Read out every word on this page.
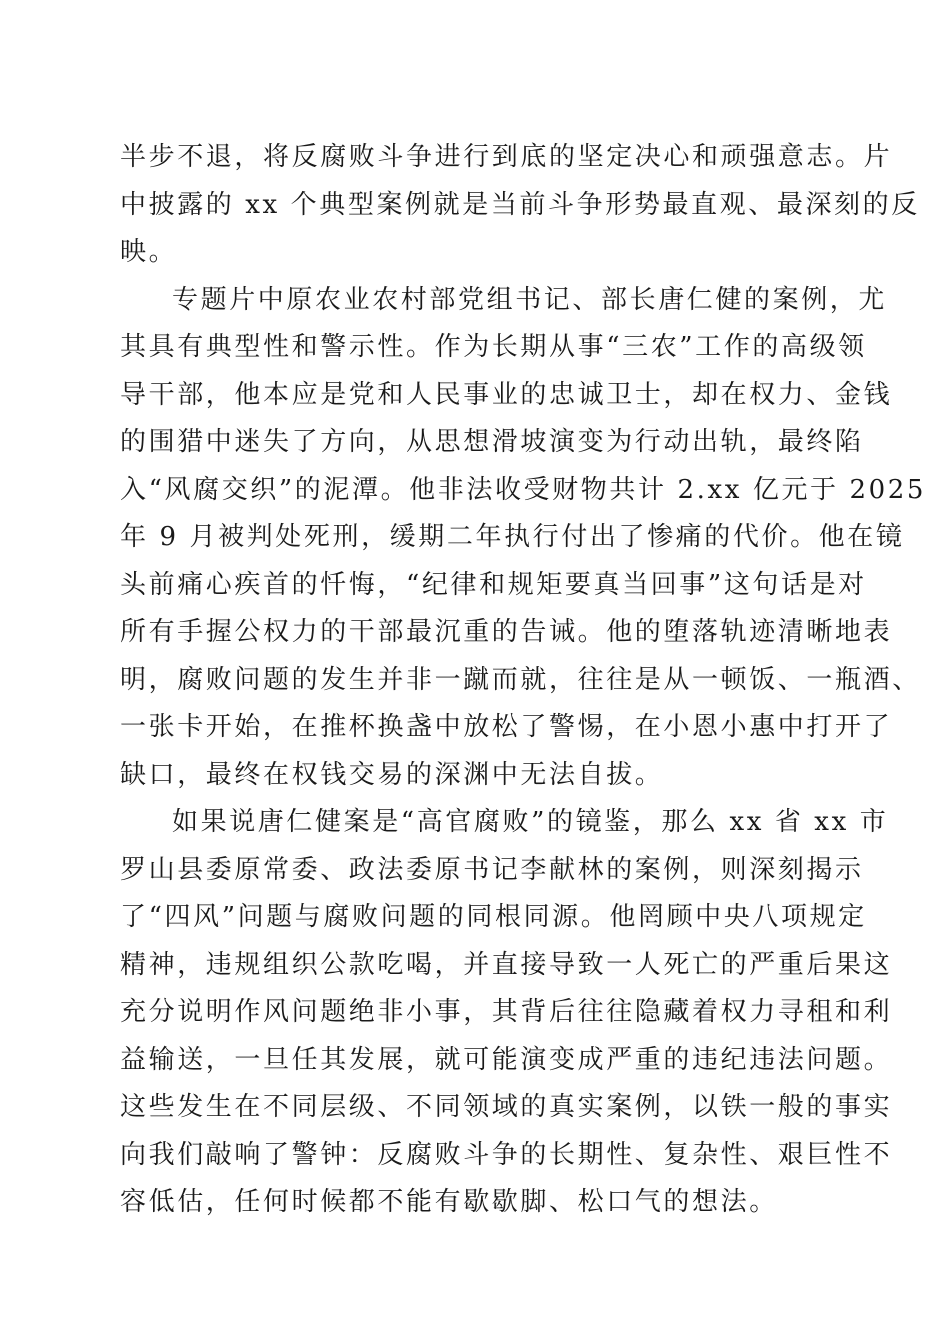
半步不退，将反腐败斗争进行到底的坚定决心和顽强意志。片
中披露的 xx 个典型案例就是当前斗争形势最直观、最深刻的反
映。
专题片中原农业农村部党组书记、部长唐仁健的案例，尤
其具有典型性和警示性。作为长期从事“三农”工作的高级领
导干部，他本应是党和人民事业的忠诚卫士，却在权力、金钱
的围猎中迷失了方向，从思想滑坡演变为行动出轨，最终陷
入“风腐交织”的泥潭。他非法收受财物共计 2.xx 亿元于 2025
年 9 月被判处死刑，缓期二年执行付出了惨痛的代价。他在镜
头前痛心疾首的忏悔，“纪律和规矩要真当回事”这句话是对
所有手握公权力的干部最沉重的告诫。他的堕落轨迹清晰地表
明，腐败问题的发生并非一蹴而就，往往是从一顿饭、一瓶酒、
一张卡开始，在推杯换盏中放松了警惕，在小恩小惠中打开了
缺口，最终在权钱交易的深渊中无法自拔。
如果说唐仁健案是“高官腐败”的镜鉴，那么 xx 省 xx 市
罗山县委原常委、政法委原书记李献林的案例，则深刻揭示
了“四风”问题与腐败问题的同根同源。他罔顾中央八项规定
精神，违规组织公款吃喝，并直接导致一人死亡的严重后果这
充分说明作风问题绝非小事，其背后往往隐藏着权力寻租和利
益输送，一旦任其发展，就可能演变成严重的违纪违法问题。
这些发生在不同层级、不同领域的真实案例，以铁一般的事实
向我们敲响了警钟：反腐败斗争的长期性、复杂性、艰巨性不
容低估，任何时候都不能有歇歇脚、松口气的想法。
